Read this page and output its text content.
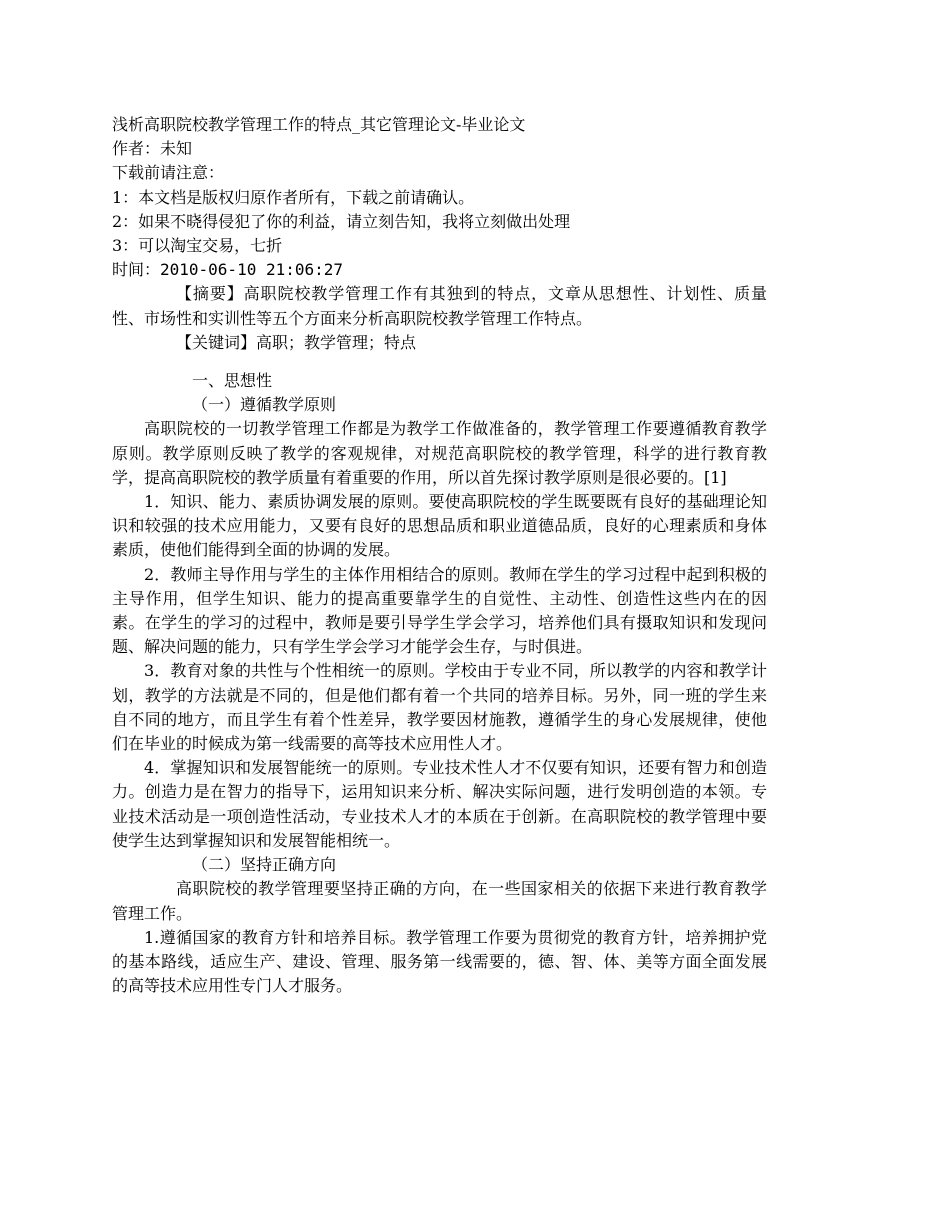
浅析高职院校教学管理工作的特点_其它管理论文-毕业论文
作者：未知
下载前请注意：
1：本文档是版权归原作者所有，下载之前请确认。
2：如果不晓得侵犯了你的利益，请立刻告知，我将立刻做出处理
3：可以淘宝交易，七折
时间：2010-06-10 21:06:27
【摘要】高职院校教学管理工作有其独到的特点，文章从思想性、计划性、质量性、市场性和实训性等五个方面来分析高职院校教学管理工作特点。
【关键词】高职；教学管理；特点
一、思想性
（一）遵循教学原则
高职院校的一切教学管理工作都是为教学工作做准备的，教学管理工作要遵循教育教学原则。教学原则反映了教学的客观规律，对规范高职院校的教学管理，科学的进行教育教学，提高高职院校的教学质量有着重要的作用，所以首先探讨教学原则是很必要的。[1]
1．知识、能力、素质协调发展的原则。要使高职院校的学生既要既有良好的基础理论知识和较强的技术应用能力，又要有良好的思想品质和职业道德品质，良好的心理素质和身体素质，使他们能得到全面的协调的发展。
2．教师主导作用与学生的主体作用相结合的原则。教师在学生的学习过程中起到积极的主导作用，但学生知识、能力的提高重要靠学生的自觉性、主动性、创造性这些内在的因素。在学生的学习的过程中，教师是要引导学生学会学习，培养他们具有摄取知识和发现问题、解决问题的能力，只有学生学会学习才能学会生存，与时俱进。
3．教育对象的共性与个性相统一的原则。学校由于专业不同，所以教学的内容和教学计划，教学的方法就是不同的，但是他们都有着一个共同的培养目标。另外，同一班的学生来自不同的地方，而且学生有着个性差异，教学要因材施教，遵循学生的身心发展规律，使他们在毕业的时候成为第一线需要的高等技术应用性人才。
4．掌握知识和发展智能统一的原则。专业技术性人才不仅要有知识，还要有智力和创造力。创造力是在智力的指导下，运用知识来分析、解决实际问题，进行发明创造的本领。专业技术活动是一项创造性活动，专业技术人才的本质在于创新。在高职院校的教学管理中要使学生达到掌握知识和发展智能相统一。
（二）坚持正确方向
高职院校的教学管理要坚持正确的方向，在一些国家相关的依据下来进行教育教学管理工作。
1.遵循国家的教育方针和培养目标。教学管理工作要为贯彻党的教育方针，培养拥护党的基本路线，适应生产、建设、管理、服务第一线需要的，德、智、体、美等方面全面发展的高等技术应用性专门人才服务。
